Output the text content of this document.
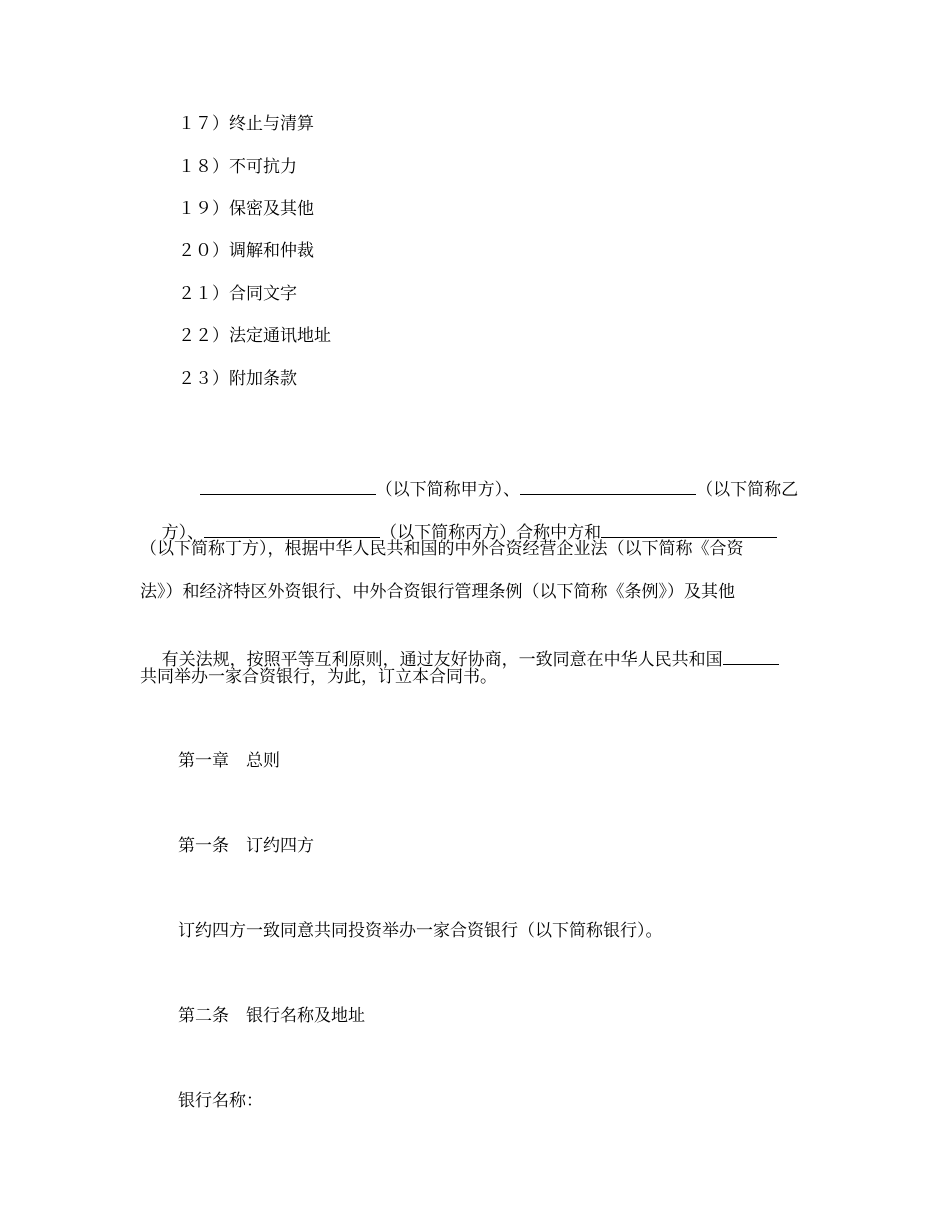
１７）终止与清算
１８）不可抗力
１９）保密及其他
２０）调解和仲裁
２１）合同文字
２２）法定通讯地址
２３）附加条款

（以下简称甲方）、	（以下简称乙

方）、	（以下简称丙方）合称中方和

（以下简称丁方），根据中华人民共和国的中外合资经营企业法（以下简称《合资
法》）和经济特区外资银行、中外合资银行管理条例（以下简称《条例》）及其他

有关法规，按照平等互利原则，通过友好协商，一致同意在中华人民共和国

共同举办一家合资银行，为此，订立本合同书。
第一章　总则
第一条　订约四方
订约四方一致同意共同投资举办一家合资银行（以下简称银行）。
第二条　银行名称及地址
银行名称：
